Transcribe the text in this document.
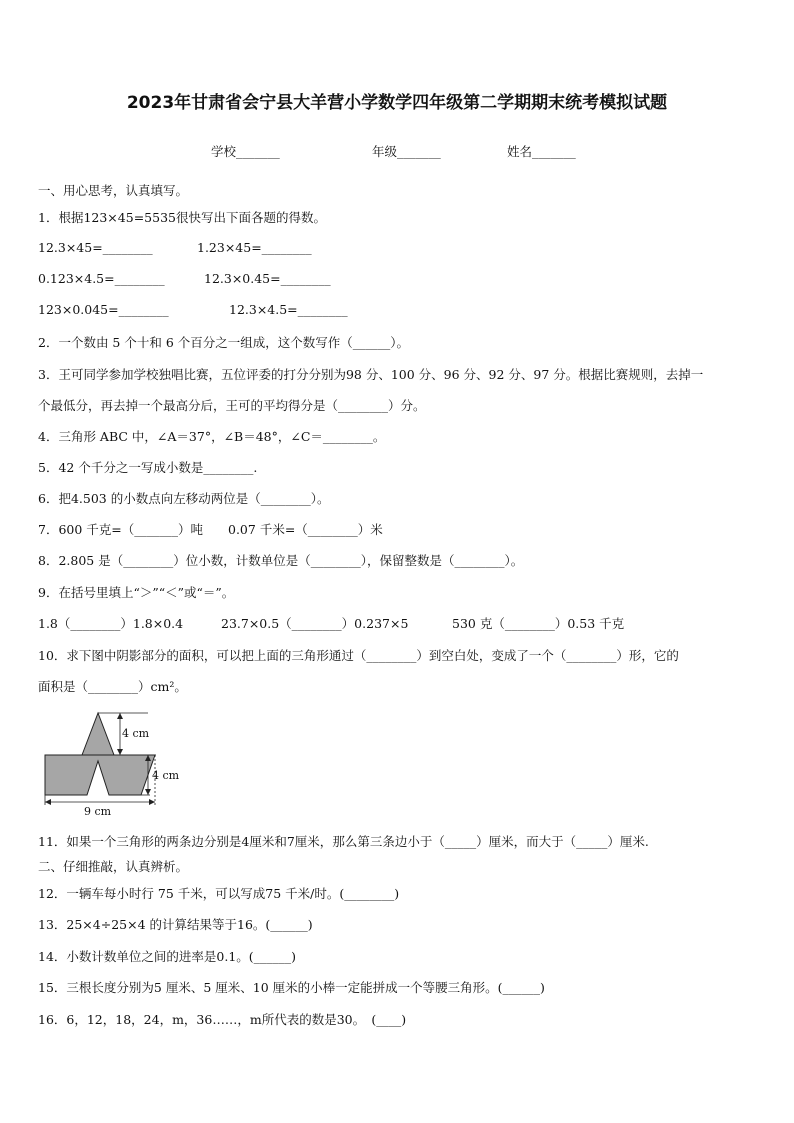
2023年甘肃省会宁县大羊营小学数学四年级第二学期期末统考模拟试题
学校_______	年级_______	姓名_______
一、用心思考，认真填写。
1．根据123×45=5535很快写出下面各题的得数。
12.3×45=________	1.23×45=________
0.123×4.5=________	12.3×0.45=________
123×0.045=________	12.3×4.5=________
2．一个数由 5 个十和 6 个百分之一组成，这个数写作（______）。
3．王可同学参加学校独唱比赛，五位评委的打分分别为98 分、100 分、96 分、92 分、97 分。根据比赛规则，去掉一
个最低分，再去掉一个最高分后，王可的平均得分是（________）分。
4．三角形 ABC 中，∠A＝37°，∠B＝48°，∠C＝________。
5．42 个千分之一写成小数是________.
6．把4.503 的小数点向左移动两位是（________）。
7．600 千克=（_______）吨　　0.07 千米=（________）米
8．2.805 是（________）位小数，计数单位是（________），保留整数是（________）。
9．在括号里填上“＞”“＜”或“＝”。
1.8（________）1.8×0.4	23.7×0.5（________）0.237×5	530 克（________）0.53 千克
10．求下图中阴影部分的面积，可以把上面的三角形通过（________）到空白处，变成了一个（________）形，它的
面积是（________）cm²。
4 cm
4 cm
9 cm
11．如果一个三角形的两条边分别是4厘米和7厘米，那么第三条边小于（_____）厘米，而大于（_____）厘米.
二、仔细推敲，认真辨析。
12．一辆车每小时行 75 千米，可以写成75 千米/时。(________)
13．25×4÷25×4 的计算结果等于16。(______)
14．小数计数单位之间的进率是0.1。(______)
15．三根长度分别为5 厘米、5 厘米、10 厘米的小棒一定能拼成一个等腰三角形。(______)
16．6，12，18，24，m，36……，m所代表的数是30。　(____)
